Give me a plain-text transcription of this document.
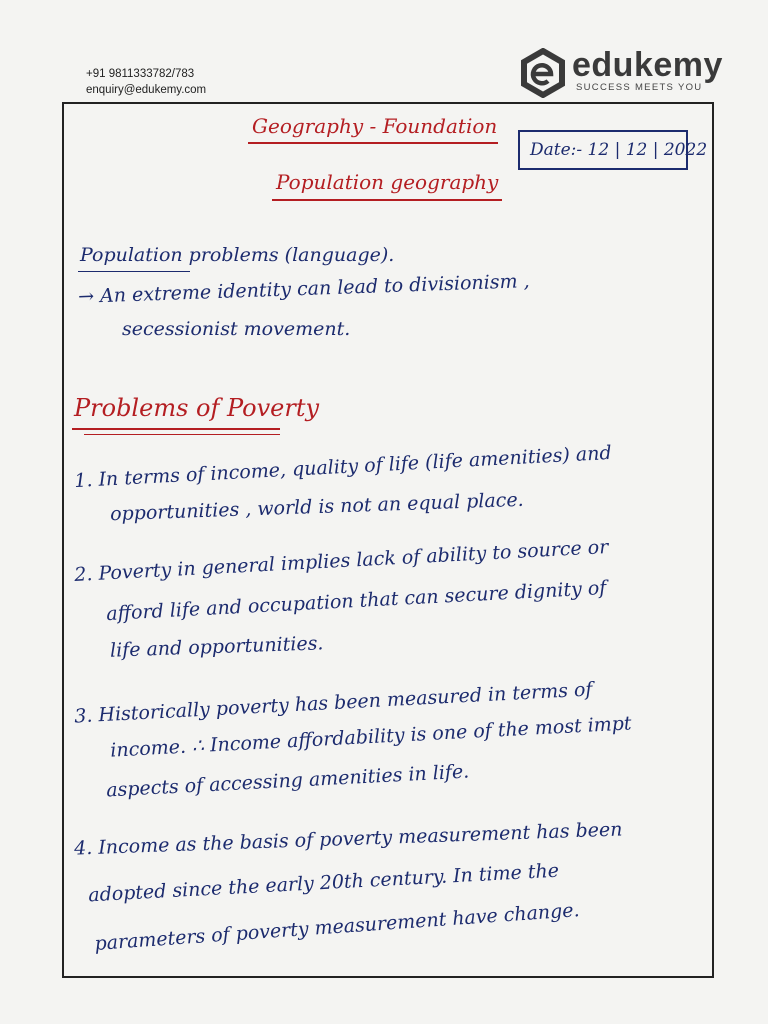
+91 9811333782/783
enquiry@edukemy.com
edukemy
SUCCESS MEETS YOU

Geography - Foundation
Date:- 12 | 12 | 2022
Population geography
Population problems (language).
→ An extreme identity can lead to divisionism ,
secessionist movement.
Problems of Poverty
1. In terms of income, quality of life (life amenities) and
opportunities , world is not an equal place.
2. Poverty in general implies lack of ability to source or
afford life and occupation that can secure dignity of
life and opportunities.
3. Historically poverty has been measured in terms of
income. ∴ Income affordability is one of the most impt
aspects of accessing amenities in life.
4. Income as the basis of poverty measurement has been
adopted since the early 20th century. In time the
parameters of poverty measurement have change.
